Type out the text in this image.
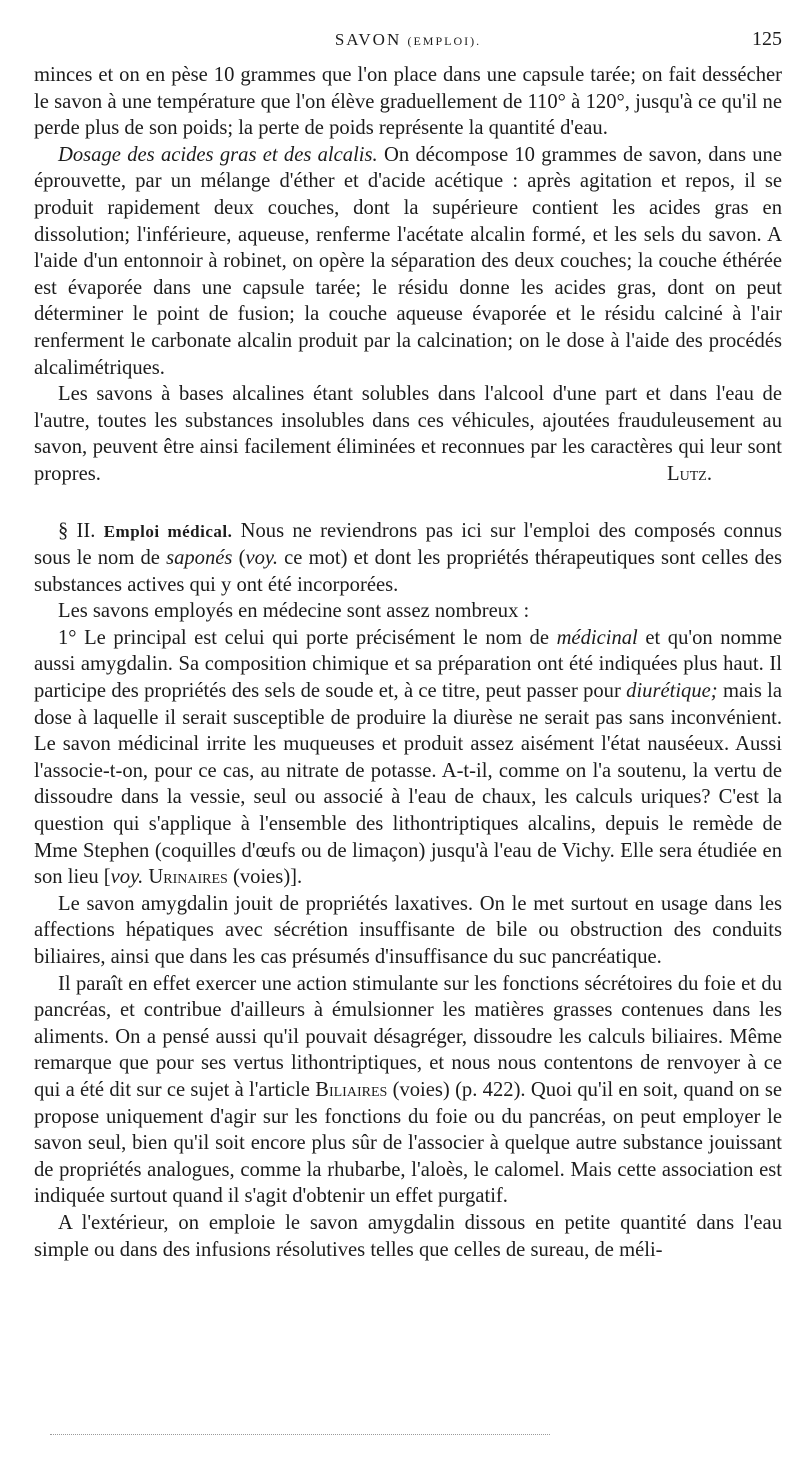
SAVON (EMPLOI).	125

minces et on en pèse 10 grammes que l'on place dans une capsule tarée; on fait dessécher le savon à une température que l'on élève graduellement de 110° à 120°, jusqu'à ce qu'il ne perde plus de son poids; la perte de poids représente la quantité d'eau.

Dosage des acides gras et des alcalis. On décompose 10 grammes de savon, dans une éprouvette, par un mélange d'éther et d'acide acétique : après agitation et repos, il se produit rapidement deux couches, dont la supérieure contient les acides gras en dissolution; l'inférieure, aqueuse, renferme l'acétate alcalin formé, et les sels du savon. A l'aide d'un entonnoir à robinet, on opère la séparation des deux couches; la couche éthérée est évaporée dans une capsule tarée; le résidu donne les acides gras, dont on peut déterminer le point de fusion; la couche aqueuse évaporée et le résidu calciné à l'air renferment le carbonate alcalin produit par la calcination; on le dose à l'aide des procédés alcalimétriques.

Les savons à bases alcalines étant solubles dans l'alcool d'une part et dans l'eau de l'autre, toutes les substances insolubles dans ces véhicules, ajoutées frauduleusement au savon, peuvent être ainsi facilement éliminées et reconnues par les caractères qui leur sont propres.	Lutz.

§ II. Emploi médical. Nous ne reviendrons pas ici sur l'emploi des composés connus sous le nom de saponés (voy. ce mot) et dont les propriétés thérapeutiques sont celles des substances actives qui y ont été incorporées.

Les savons employés en médecine sont assez nombreux :

1° Le principal est celui qui porte précisément le nom de médicinal et qu'on nomme aussi amygdalin. Sa composition chimique et sa préparation ont été indiquées plus haut. Il participe des propriétés des sels de soude et, à ce titre, peut passer pour diurétique; mais la dose à laquelle il serait susceptible de produire la diurèse ne serait pas sans inconvénient. Le savon médicinal irrite les muqueuses et produit assez aisément l'état nauséeux. Aussi l'associe-t-on, pour ce cas, au nitrate de potasse. A-t-il, comme on l'a soutenu, la vertu de dissoudre dans la vessie, seul ou associé à l'eau de chaux, les calculs uriques? C'est la question qui s'applique à l'ensemble des lithontriptiques alcalins, depuis le remède de Mme Stephen (coquilles d'œufs ou de limaçon) jusqu'à l'eau de Vichy. Elle sera étudiée en son lieu [voy. Urinaires (voies)].

Le savon amygdalin jouit de propriétés laxatives. On le met surtout en usage dans les affections hépatiques avec sécrétion insuffisante de bile ou obstruction des conduits biliaires, ainsi que dans les cas présumés d'insuffisance du suc pancréatique.

Il paraît en effet exercer une action stimulante sur les fonctions sécrétoires du foie et du pancréas, et contribue d'ailleurs à émulsionner les matières grasses contenues dans les aliments. On a pensé aussi qu'il pouvait désagréger, dissoudre les calculs biliaires. Même remarque que pour ses vertus lithontriptiques, et nous nous contentons de renvoyer à ce qui a été dit sur ce sujet à l'article Biliaires (voies) (p. 422). Quoi qu'il en soit, quand on se propose uniquement d'agir sur les fonctions du foie ou du pancréas, on peut employer le savon seul, bien qu'il soit encore plus sûr de l'associer à quelque autre substance jouissant de propriétés analogues, comme la rhubarbe, l'aloès, le calomel. Mais cette association est indiquée surtout quand il s'agit d'obtenir un effet purgatif.

A l'extérieur, on emploie le savon amygdalin dissous en petite quantité dans l'eau simple ou dans des infusions résolutives telles que celles de sureau, de méli-
